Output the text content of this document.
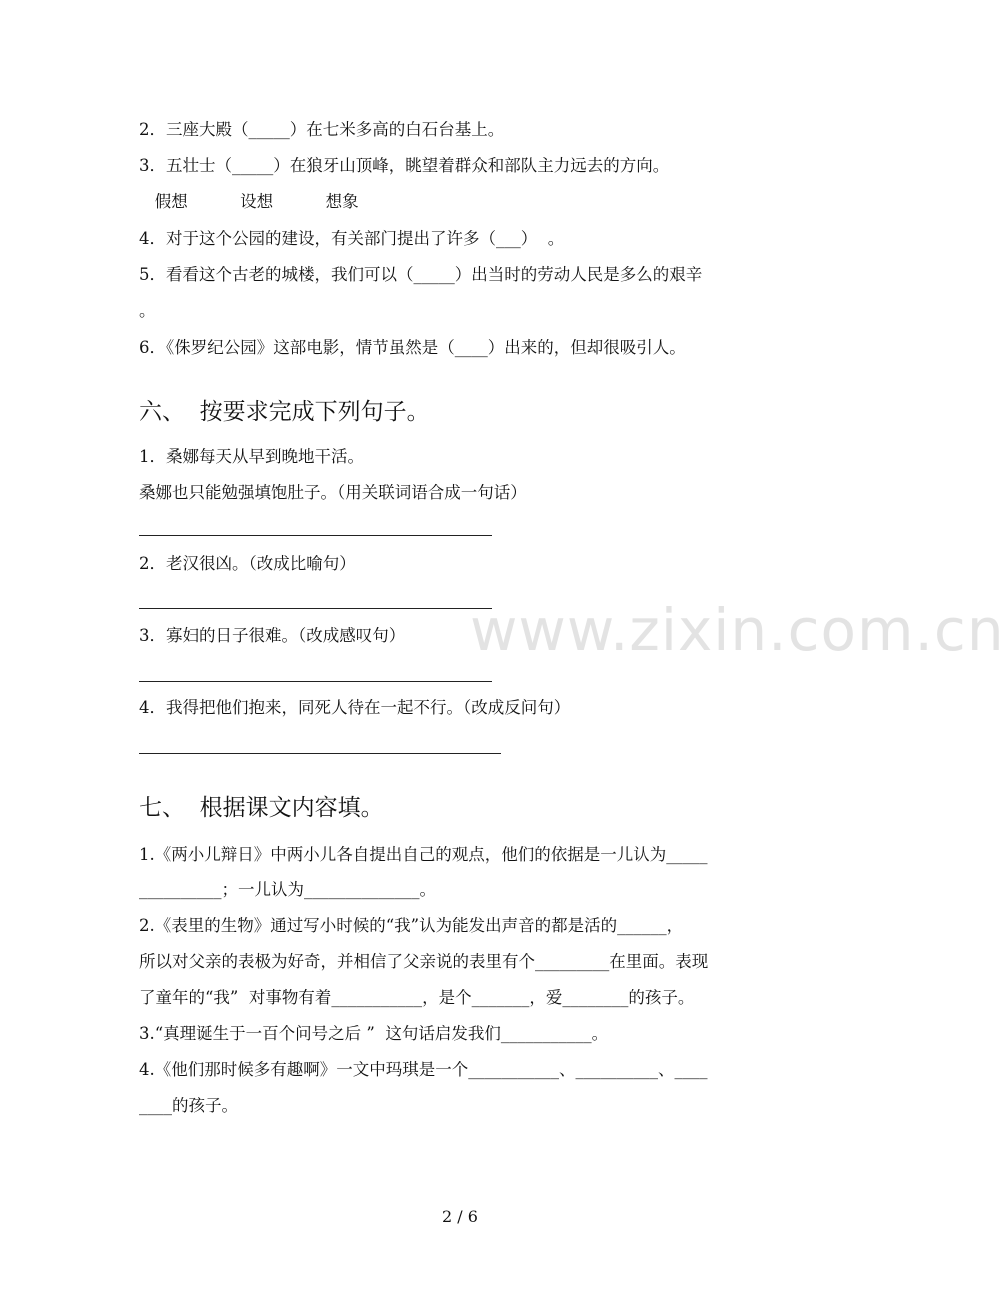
www.zixin.com.cn
2．三座大殿（_____）在七米多高的白石台基上。
3．五壮士（_____）在狼牙山顶峰，眺望着群众和部队主力远去的方向。
假想          设想          想象
4．对于这个公园的建设，有关部门提出了许多（___）  。
5．看看这个古老的城楼，我们可以（_____）出当时的劳动人民是多么的艰辛
。
6．《侏罗纪公园》这部电影，情节虽然是（____）出来的，但却很吸引人。
六、  按要求完成下列句子。
1．桑娜每天从早到晚地干活。
桑娜也只能勉强填饱肚子。（用关联词语合成一句话）
2．老汉很凶。（改成比喻句）
3．寡妇的日子很难。（改成感叹句）
4．我得把他们抱来，同死人待在一起不行。（改成反问句）
七、  根据课文内容填。
1.《两小儿辩日》中两小儿各自提出自己的观点，他们的依据是一儿认为_____
__________；一儿认为______________。
2.《表里的生物》通过写小时候的“我”认为能发出声音的都是活的______，
所以对父亲的表极为好奇，并相信了父亲说的表里有个_________在里面。表现
了童年的“我”  对事物有着___________，是个_______，爱________的孩子。
3.“真理诞生于一百个问号之后 ”  这句话启发我们___________。
4.《他们那时候多有趣啊》一文中玛琪是一个___________、__________、____
____的孩子。
2 / 6
